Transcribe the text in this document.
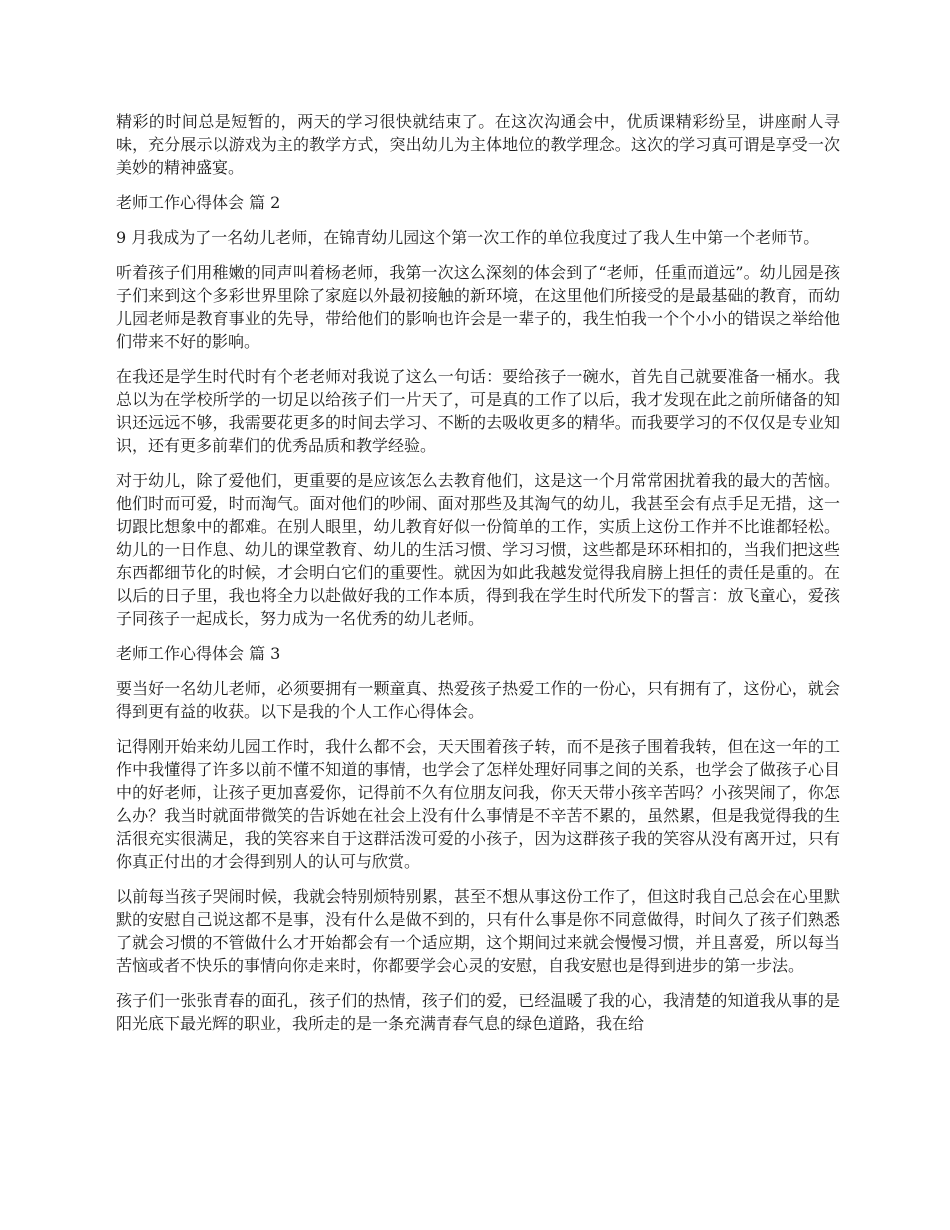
精彩的时间总是短暂的，两天的学习很快就结束了。在这次沟通会中，优质课精彩纷呈，讲座耐人寻味，充分展示以游戏为主的教学方式，突出幼儿为主体地位的教学理念。这次的学习真可谓是享受一次美妙的精神盛宴。

老师工作心得体会 篇 2

9 月我成为了一名幼儿老师，在锦青幼儿园这个第一次工作的单位我度过了我人生中第一个老师节。

听着孩子们用稚嫩的同声叫着杨老师，我第一次这么深刻的体会到了“老师，任重而道远”。幼儿园是孩子们来到这个多彩世界里除了家庭以外最初接触的新环境，在这里他们所接受的是最基础的教育，而幼儿园老师是教育事业的先导，带给他们的影响也许会是一辈子的，我生怕我一个个小小的错误之举给他们带来不好的影响。

在我还是学生时代时有个老老师对我说了这么一句话：要给孩子一碗水，首先自己就要准备一桶水。我总以为在学校所学的一切足以给孩子们一片天了，可是真的工作了以后，我才发现在此之前所储备的知识还远远不够，我需要花更多的时间去学习、不断的去吸收更多的精华。而我要学习的不仅仅是专业知识，还有更多前辈们的优秀品质和教学经验。

对于幼儿，除了爱他们，更重要的是应该怎么去教育他们，这是这一个月常常困扰着我的最大的苦恼。他们时而可爱，时而淘气。面对他们的吵闹、面对那些及其淘气的幼儿，我甚至会有点手足无措，这一切跟比想象中的都难。在别人眼里，幼儿教育好似一份简单的工作，实质上这份工作并不比谁都轻松。幼儿的一日作息、幼儿的课堂教育、幼儿的生活习惯、学习习惯，这些都是环环相扣的，当我们把这些东西都细节化的时候，才会明白它们的重要性。就因为如此我越发觉得我肩膀上担任的责任是重的。在以后的日子里，我也将全力以赴做好我的工作本质，得到我在学生时代所发下的誓言：放飞童心，爱孩子同孩子一起成长，努力成为一名优秀的幼儿老师。

老师工作心得体会 篇 3

要当好一名幼儿老师，必须要拥有一颗童真、热爱孩子热爱工作的一份心，只有拥有了，这份心，就会得到更有益的收获。以下是我的个人工作心得体会。

记得刚开始来幼儿园工作时，我什么都不会，天天围着孩子转，而不是孩子围着我转，但在这一年的工作中我懂得了许多以前不懂不知道的事情，也学会了怎样处理好同事之间的关系，也学会了做孩子心目中的好老师，让孩子更加喜爱你，记得前不久有位朋友问我，你天天带小孩辛苦吗？小孩哭闹了，你怎么办？我当时就面带微笑的告诉她在社会上没有什么事情是不辛苦不累的，虽然累，但是我觉得我的生活很充实很满足，我的笑容来自于这群活泼可爱的小孩子，因为这群孩子我的笑容从没有离开过，只有你真正付出的才会得到别人的认可与欣赏。

以前每当孩子哭闹时候，我就会特别烦特别累，甚至不想从事这份工作了，但这时我自己总会在心里默默的安慰自己说这都不是事，没有什么是做不到的，只有什么事是你不同意做得，时间久了孩子们熟悉了就会习惯的不管做什么才开始都会有一个适应期，这个期间过来就会慢慢习惯，并且喜爱，所以每当苦恼或者不快乐的事情向你走来时，你都要学会心灵的安慰，自我安慰也是得到进步的第一步法。

孩子们一张张青春的面孔，孩子们的热情，孩子们的爱，已经温暖了我的心，我清楚的知道我从事的是阳光底下最光辉的职业，我所走的是一条充满青春气息的绿色道路，我在给
